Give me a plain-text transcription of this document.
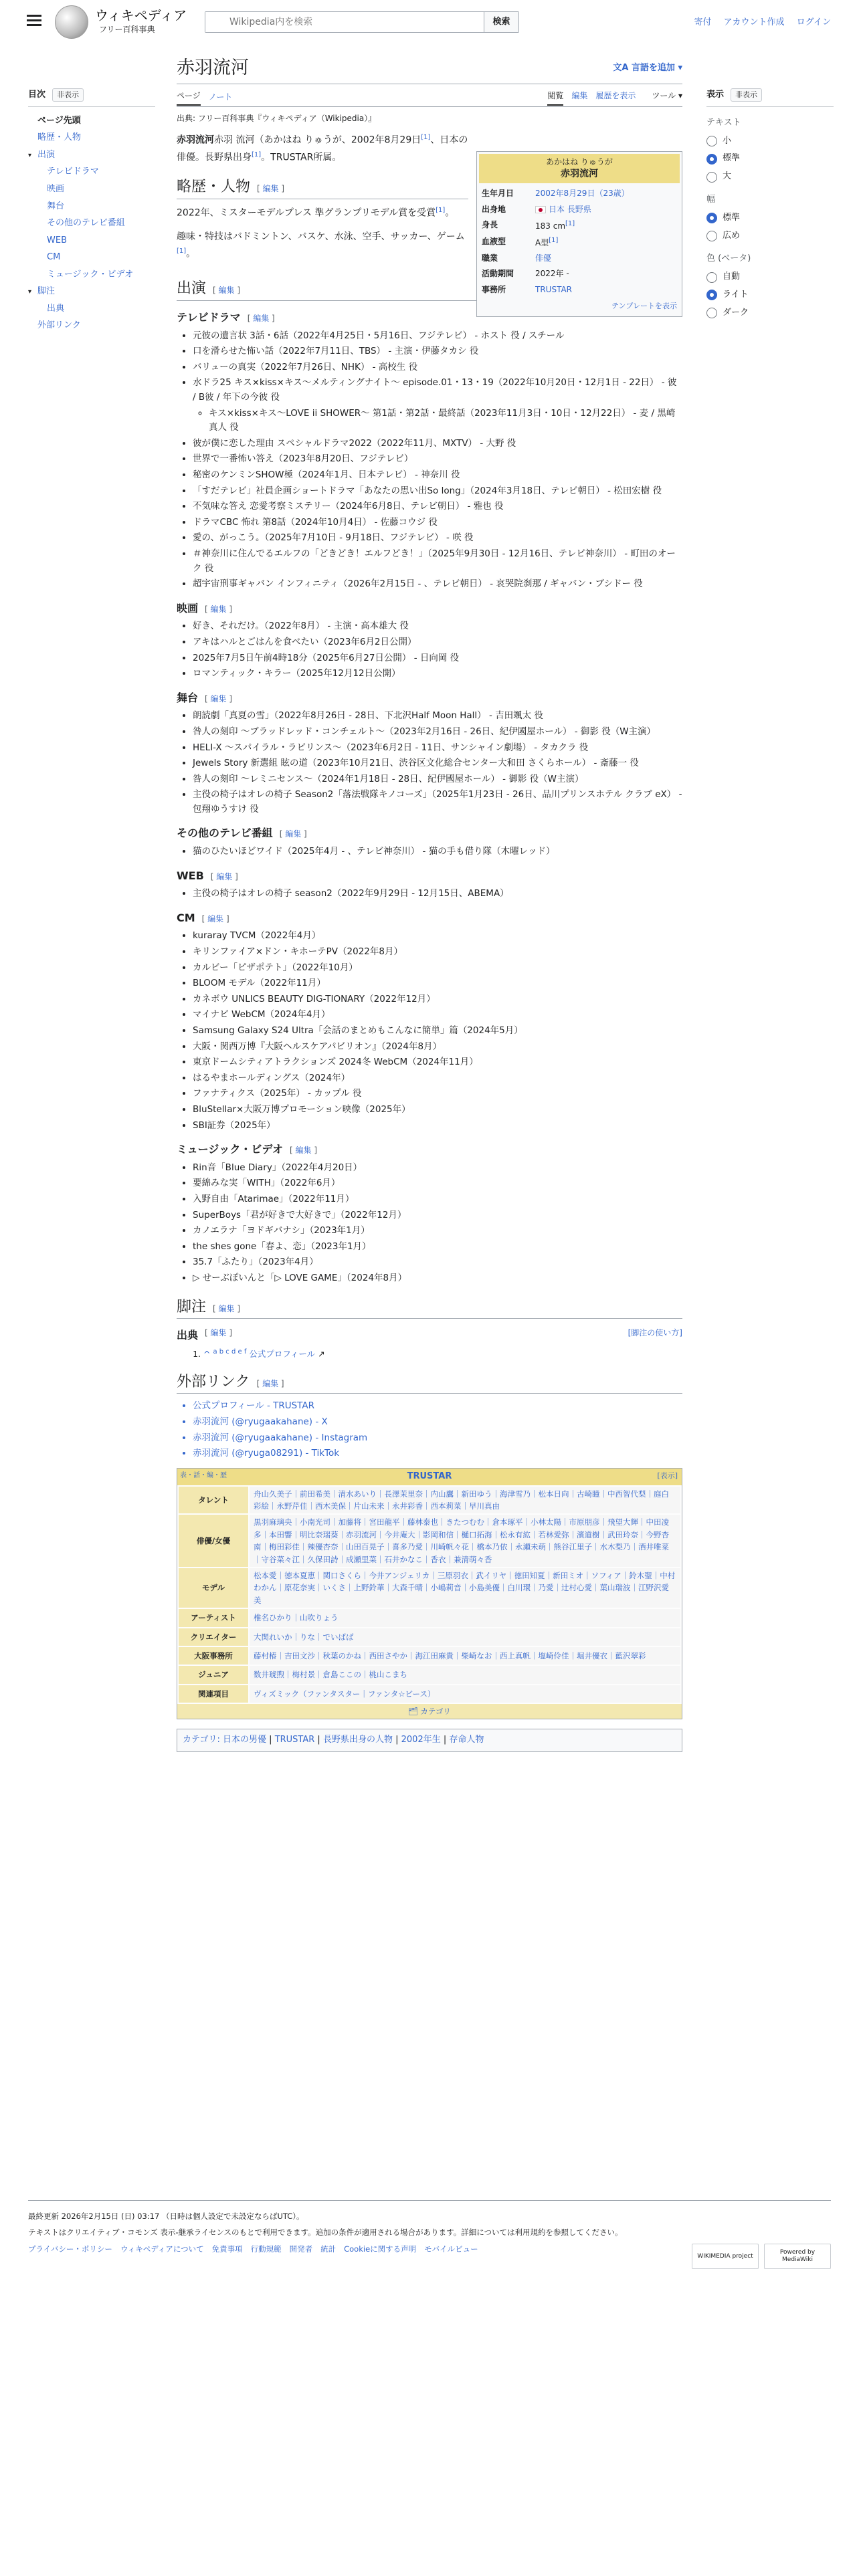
ウィキペディア
フリー百科事典
Wikipedia内を検索
検索	寄付 アカウント作成 ログイン
目次	非表示
ページ先頭
略歴・人物
▾ 出演
テレビドラマ
映画
舞台
その他のテレビ番組
WEB
CM
ミュージック・ビデオ
▾ 脚注
出典
外部リンク
表示	非表示
テキスト
小
標準
大
幅
標準
広め
色 (ベータ)
自動
ライト
ダーク
赤羽流河	文A 言語を追加 ▾
ページ ノート	閲覧 編集 履歴を表示	ツール ▾
出典: フリー百科事典『ウィキペディア（Wikipedia）』
あかはね りゅうが
赤羽流河
生年月日	2002年8月29日（23歳）
出身地	日本 長野県
身長	183 cm[1]
血液型	A型[1]
職業	俳優
活動期間	2022年 -
事務所	TRUSTAR
テンプレートを表示

赤羽流河赤羽 流河（あかはね りゅうが、2002年8月29日[1]、日本の俳優。長野県出身[1]。TRUSTAR所属。

略歴・人物 [ 編集 ]

2022年、ミスターモデルプレス 準グランプリモデル賞を受賞[1]。

趣味・特技はバドミントン、バスケ、水泳、空手、サッカー、ゲーム[1]。

出演 [ 編集 ]
テレビドラマ [ 編集 ]
• 元彼の遺言状 3話・6話（2022年4月25日・5月16日、フジテレビ） - ホスト 役 / スチール
• 口を滑らせた怖い話（2022年7月11日、TBS） - 主演・伊藤タカシ 役
• バリューの真実（2022年7月26日、NHK） - 高校生 役
• 水ドラ25 キス×kiss×キス〜メルティングナイト〜 episode.01・13・19（2022年10月20日・12月1日 - 22日） - 彼 / B彼 / 年下の今彼 役
◦ キス×kiss×キス〜LOVE ii SHOWER〜 第1話・第2話・最終話（2023年11月3日・10日・12月22日） - 麦 / 黒崎真人 役
• 彼が僕に恋した理由 スペシャルドラマ2022（2022年11月、MXTV） - 大野 役
• 世界で一番怖い答え（2023年8月20日、フジテレビ）
• 秘密のケンミンSHOW極（2024年1月、日本テレビ） - 神奈川 役
• 「すだテレビ」社員企画ショートドラマ「あなたの思い出So long」（2024年3月18日、テレビ朝日） - 松田宏樹 役
• 不気味な答え 恋愛考察ミステリー（2024年6月8日、テレビ朝日） - 雅也 役
• ドラマCBC 怖れ 第8話（2024年10月4日） - 佐藤コウジ 役
• 愛の、がっこう。（2025年7月10日 - 9月18日、フジテレビ） - 咲 役
• ＃神奈川に住んでるエルフの「どきどき！エルフどき！」（2025年9月30日 - 12月16日、テレビ神奈川） - 町田のオーク 役
• 超宇宙刑事ギャバン インフィニティ（2026年2月15日 - 、テレビ朝日） - 哀哭院刹那 / ギャバン・ブシドー 役
映画 [ 編集 ]
• 好き、それだけ。（2022年8月） - 主演・高本雄大 役
• アキはハルとごはんを食べたい（2023年6月2日公開）
• 2025年7月5日午前4時18分（2025年6月27日公開） - 日向岡 役
• ロマンティック・キラー（2025年12月12日公開）
舞台 [ 編集 ]
• 朗読劇「真夏の雪」（2022年8月26日 - 28日、下北沢Half Moon Hall） - 吉田颯太 役
• 咎人の刻印 〜ブラッドレッド・コンチェルト〜（2023年2月16日 - 26日、紀伊國屋ホール） - 御影 役（W主演）
• HELI-X 〜スパイラル・ラビリンス〜（2023年6月2日 - 11日、サンシャイン劇場） - タカクラ 役
• Jewels Story 新選組 眩の道（2023年10月21日、渋谷区文化総合センター大和田 さくらホール） - 斎藤一 役
• 咎人の刻印 〜レミニセンス〜（2024年1月18日 - 28日、紀伊國屋ホール） - 御影 役（W主演）
• 主役の椅子はオレの椅子 Season2「落法戦隊キノコーズ」（2025年1月23日 - 26日、品川プリンスホテル クラブ eX） - 包翔ゆうすけ 役
その他のテレビ番組 [ 編集 ]
• 猫のひたいほどワイド（2025年4月 - 、テレビ神奈川） - 猫の手も借り隊（木曜レッド）
WEB [ 編集 ]
• 主役の椅子はオレの椅子 season2（2022年9月29日 - 12月15日、ABEMA）
CM [ 編集 ]
• kuraray TVCM（2022年4月）
• キリンファイア×ドン・キホーテPV（2022年8月）
• カルビー「ピザポテト」（2022年10月）
• BLOOM モデル（2022年11月）
• カネボウ UNLICS BEAUTY DIG-TIONARY（2022年12月）
• マイナビ WebCM（2024年4月）
• Samsung Galaxy S24 Ultra「会話のまとめもこんなに簡単」篇（2024年5月）
• 大阪・関西万博『大阪ヘルスケアパビリオン』（2024年8月）
• 東京ドームシティアトラクションズ 2024冬 WebCM（2024年11月）
• はるやまホールディングス（2024年）
• ファナティクス（2025年） - カップル 役
• BluStellar×大阪万博プロモーション映像（2025年）
• SBI証券（2025年）
ミュージック・ビデオ [ 編集 ]
• Rin音「Blue Diary」（2022年4月20日）
• 要綿みな実「WITH」（2022年6月）
• 入野自由「Atarimae」（2022年11月）
• SuperBoys「君が好きで大好きで」（2022年12月）
• カノエラナ「ヨドギバナシ」（2023年1月）
• the shes gone「春よ、恋」（2023年1月）
• 35.7「ふたり」（2023年4月）
• ▷ せーぶぽいんと「▷ LOVE GAME」（2024年8月）
脚注 [ 編集 ]
出典 [ 編集 ]	[脚注の使い方]
1. ^ $^{a b c d e f}$ 公式プロフィール ↗
外部リンク [ 編集 ]
• 公式プロフィール - TRUSTAR
• 赤羽流河 (@ryugaakahane) - X
• 赤羽流河 (@ryugaakahane) - Instagram
• 赤羽流河 (@ryuga08291) - TikTok
表・話・編・歴	TRUSTAR	[表示]
タレント	舟山久美子｜前田希美｜清水あいり｜長澤茉里奈｜内山鷹｜新田ゆう｜海津雪乃｜松本日向｜古崎瞳｜中西智代梨｜庭白彩絵｜永野芹佳｜西木美保｜片山未来｜永井彩香｜西本莉菜｜早川真由
俳優/女優	黒羽麻璃央｜小南光司｜加藤将｜宮田龍平｜藤林泰也｜きたつむむ｜倉本琢平｜小林太陽｜市原朋彦｜飛望大輝｜中田凌多｜本田響｜明比奈瑞葵｜赤羽流河｜今井庵大｜影岡和信｜樋口拓海｜松永有紘｜若林愛弥｜濱道樹｜武田玲奈｜今野杏南｜梅田彩佳｜辣優杏奈｜山田百晃子｜喜多乃愛｜川崎帆々花｜橋本乃依｜永瀬未萌｜熊谷江里子｜水木梨乃｜酒井唯菜｜守谷菜々江｜久保田詩｜成瀬里菜｜石井かなこ｜香衣｜兼清萌々香
モデル	松本愛｜徳本夏恵｜関口さくら｜今井アンジェリカ｜三原羽衣｜武イリヤ｜徳田知夏｜新田ミオ｜ソフィア｜鈴木聖｜中村わかん｜原花奈実｜いくさ｜上野鈴華｜大森千晴｜小嶋莉音｜小島美優｜白川環｜乃愛｜辻村心愛｜葉山瑞波｜江野沢愛美
アーティスト	椎名ひかり｜山吹りょう
クリエイター	大関れいか｜りな｜でいばば
大阪事務所	藤村椿｜吉田文沙｜秋葉のかね｜西田さやか｜海江田麻貴｜柴崎なお｜西上真帆｜塩崎伶佳｜堀井優衣｜藍沢翠彩
ジュニア	数井琥煦｜梅村景｜倉島ここの｜桃山こまち
関連項目	ヴィズミック（ファンタスター｜ファンタ☆ビース）
🗂 カテゴリ
カテゴリ: 日本の男優 | TRUSTAR | 長野県出身の人物 | 2002年生 | 存命人物

最終更新 2026年2月15日 (日) 03:17 （日時は個人設定で未設定ならばUTC）。

テキストはクリエイティブ・コモンズ 表示-継承ライセンスのもとで利用できます。追加の条件が適用される場合があります。詳細については利用規約を参照してください。

プライバシー・ポリシー ウィキペディアについて 免責事項 行動規範 開発者 統計 Cookieに関する声明 モバイルビュー
WIKIMEDIA project
Powered by MediaWiki
